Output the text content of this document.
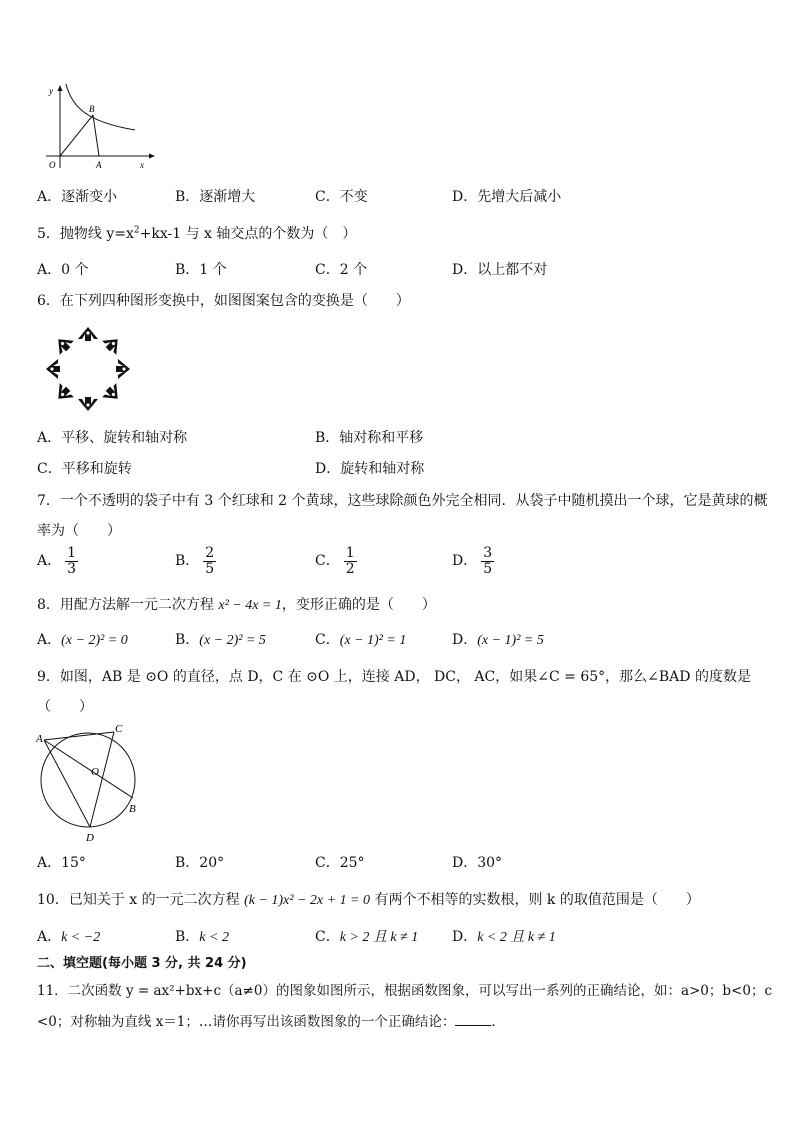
y
x
O	A
B
A．逐渐变小	B．逐渐增大	C．不变	D．先增大后减小
5．抛物线 $y=x^2+kx-1$ 与 x 轴交点的个数为（　）
A．0 个	B．1 个	C．2 个	D．以上都不对
6．在下列四种图形变换中，如图图案包含的变换是（　　）
A．平移、旋转和轴对称	B．轴对称和平移
C．平移和旋转	D．旋转和轴对称
7．一个不透明的袋子中有 3 个红球和 2 个黄球，这些球除颜色外完全相同．从袋子中随机摸出一个球，它是黄球的概
率为（　　）
A． $\frac{1}{3}$	B． $\frac{2}{5}$	C． $\frac{1}{2}$	D． $\frac{3}{5}$
8．用配方法解一元二次方程 x² − 4x = 1，变形正确的是（　　）
A．(x − 2)² = 0	B．(x − 2)² = 5	C．(x − 1)² = 1	D．(x − 1)² = 5
9．如图，AB 是 ⊙O 的直径，点 D，C 在 ⊙O 上，连接 AD， DC， AC，如果∠C = 65°，那么∠BAD 的度数是
（　　）
A
C
O
B
D
A．15°	B．20°	C．25°	D．30°
10．已知关于 x 的一元二次方程 (k − 1)x² − 2x + 1 = 0 有两个不相等的实数根，则 k 的取值范围是（　　）
A．k < −2	B．k < 2	C．k > 2 且 k ≠ 1 D．k < 2 且 k ≠ 1
二、填空题(每小题 3 分, 共 24 分)
11．二次函数 y = ax²+bx+c（a≠0）的图象如图所示，根据函数图象，可以写出一系列的正确结论，如：a>0；b<0；c
<0；对称轴为直线 x＝1；…请你再写出该函数图象的一个正确结论：	．
